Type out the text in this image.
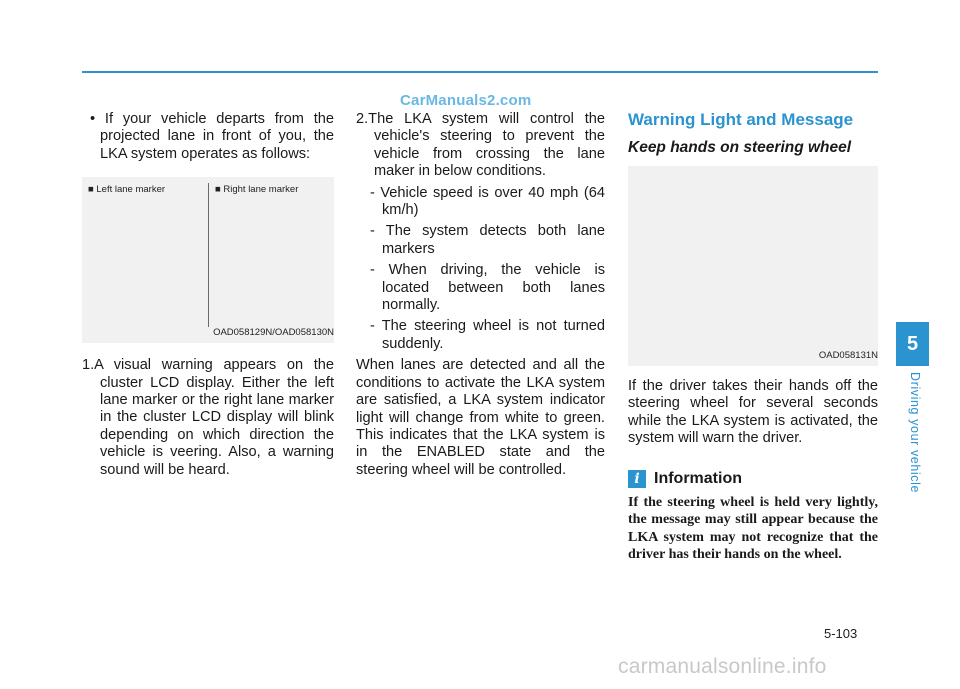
CarManuals2.com

• If your vehicle departs from the projected lane in front of you, the LKA system operates as follows:

■ Left lane marker	■ Right lane marker
OAD058129N/OAD058130N

1.A visual warning appears on the cluster LCD display. Either the left lane marker or the right lane marker in the cluster LCD display will blink depending on which direction the vehicle is veering. Also, a warning sound will be heard.

2.The LKA system will control the vehicle's steering to prevent the vehicle from crossing the lane maker in below conditions.

- Vehicle speed is over 40 mph (64 km/h)

- The system detects both lane markers

- When driving, the vehicle is located between both lanes normally.

- The steering wheel is not turned suddenly.

When lanes are detected and all the conditions to activate the LKA system are satisfied, a LKA system indicator light will change from white to green. This indicates that the LKA system is in the ENABLED state and the steering wheel will be controlled.

Warning Light and Message
Keep hands on steering wheel
OAD058131N

If the driver takes their hands off the steering wheel for several seconds while the LKA system is activated, the system will warn the driver.

i Information

If the steering wheel is held very lightly, the message may still appear because the LKA system may not recognize that the driver has their hands on the wheel.

5
Driving your vehicle
5-103
carmanualsonline.info
